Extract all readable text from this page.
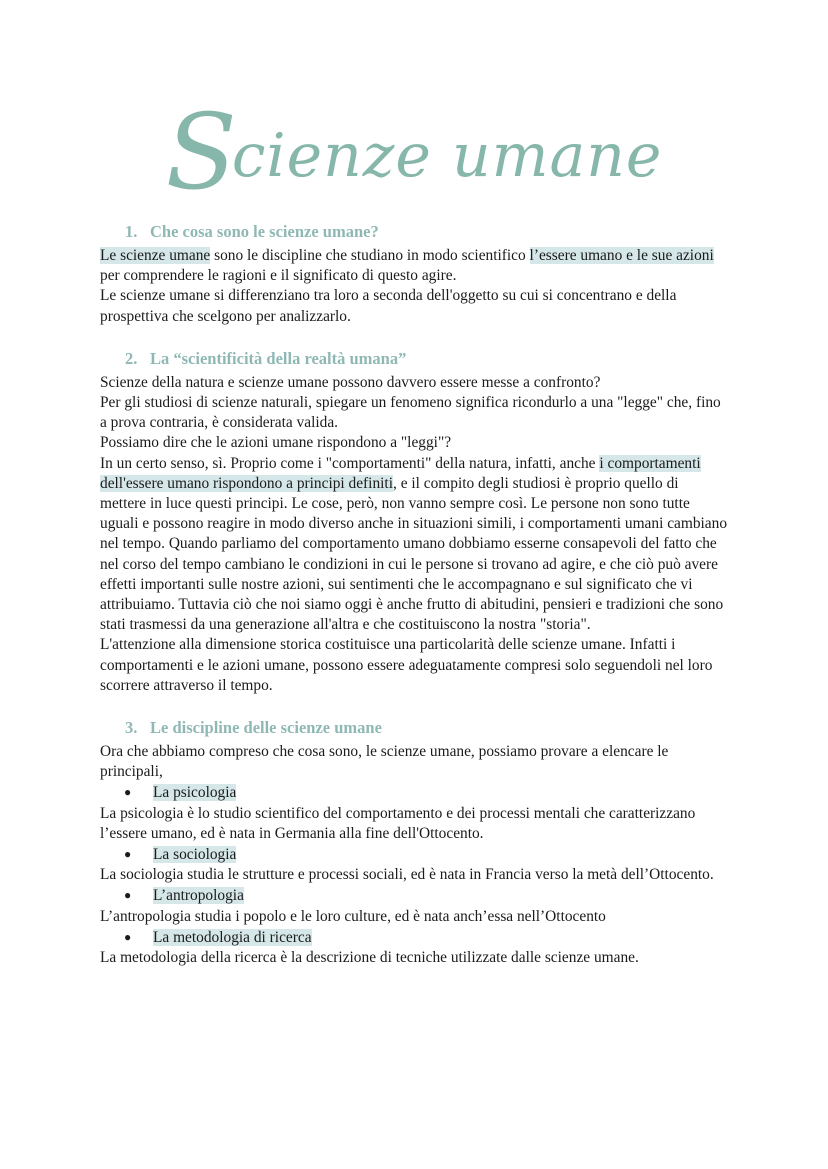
Scienze umane
1. Che cosa sono le scienze umane?

Le scienze umane sono le discipline che studiano in modo scientifico l’essere umano e le sue azioni per comprendere le ragioni e il significato di questo agire.

Le scienze umane si differenziano tra loro a seconda dell'oggetto su cui si concentrano e della prospettiva che scelgono per analizzarlo.

2. La “scientificità della realtà umana”

Scienze della natura e scienze umane possono davvero essere messe a confronto?

Per gli studiosi di scienze naturali, spiegare un fenomeno significa ricondurlo a una "legge" che, fino a prova contraria, è considerata valida.

Possiamo dire che le azioni umane rispondono a "leggi"?

In un certo senso, sì. Proprio come i "comportamenti" della natura, infatti, anche i comportamenti dell'essere umano rispondono a principi definiti, e il compito degli studiosi è proprio quello di mettere in luce questi principi. Le cose, però, non vanno sempre così. Le persone non sono tutte uguali e possono reagire in modo diverso anche in situazioni simili, i comportamenti umani cambiano nel tempo. Quando parliamo del comportamento umano dobbiamo esserne consapevoli del fatto che nel corso del tempo cambiano le condizioni in cui le persone si trovano ad agire, e che ciò può avere effetti importanti sulle nostre azioni, sui sentimenti che le accompagnano e sul significato che vi attribuiamo. Tuttavia ciò che noi siamo oggi è anche frutto di abitudini, pensieri e tradizioni che sono stati trasmessi da una generazione all'altra e che costituiscono la nostra "storia".

L'attenzione alla dimensione storica costituisce una particolarità delle scienze umane. Infatti i comportamenti e le azioni umane, possono essere adeguatamente compresi solo seguendoli nel loro scorrere attraverso il tempo.

3. Le discipline delle scienze umane

Ora che abbiamo compreso che cosa sono, le scienze umane, possiamo provare a elencare le principali,

● La psicologia

La psicologia è lo studio scientifico del comportamento e dei processi mentali che caratterizzano l’essere umano, ed è nata in Germania alla fine dell'Ottocento.

● La sociologia

La sociologia studia le strutture e processi sociali, ed è nata in Francia verso la metà dell’Ottocento.

● L’antropologia

L’antropologia studia i popolo e le loro culture, ed è nata anch’essa nell’Ottocento

● La metodologia di ricerca

La metodologia della ricerca è la descrizione di tecniche utilizzate dalle scienze umane.
